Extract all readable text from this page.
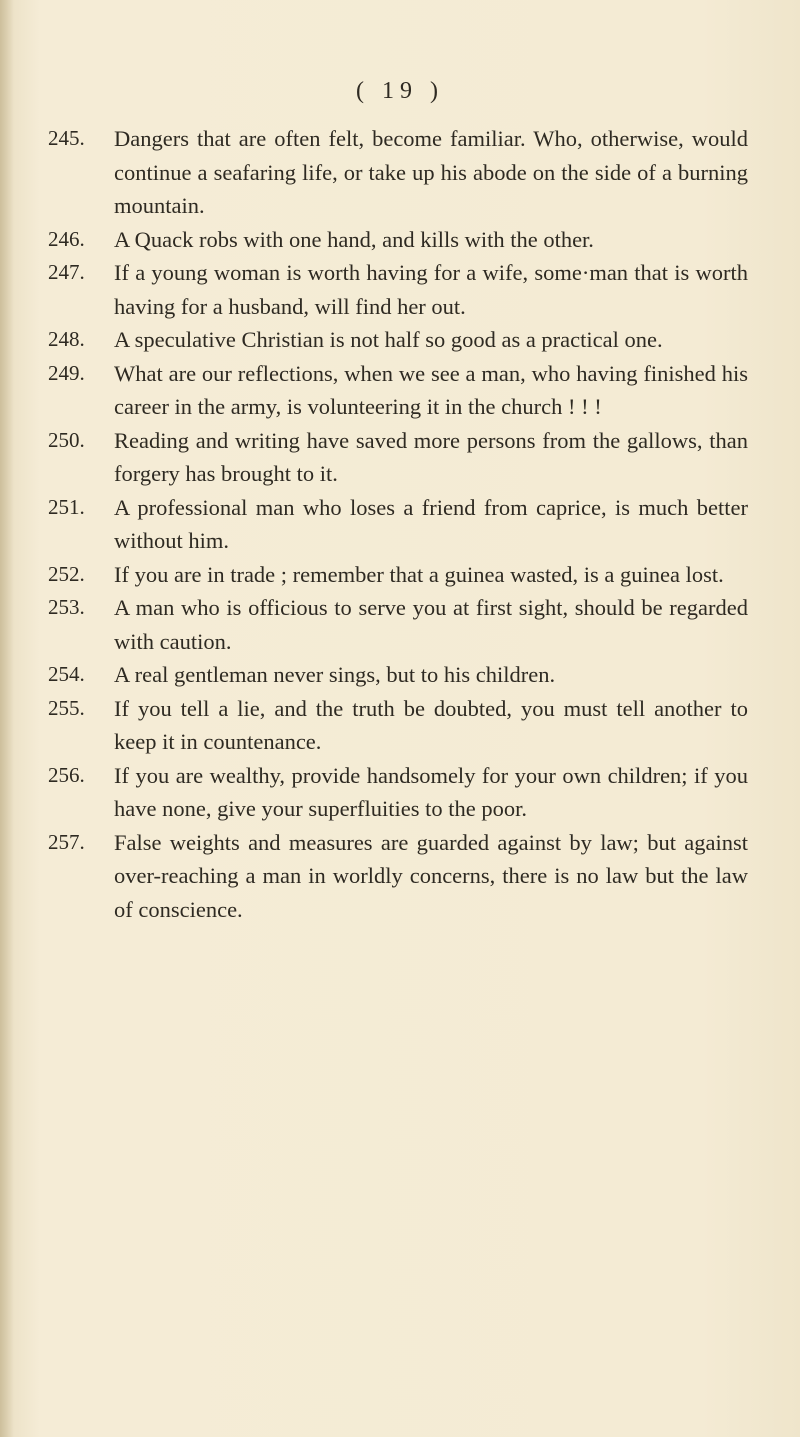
( 19 )
245.	Dangers that are often felt, become familiar. Who, otherwise, would continue a seafaring life, or take up his abode on the side of a burning mountain.
246.	A Quack robs with one hand, and kills with the other.
247.	If a young woman is worth having for a wife, some·man that is worth having for a husband, will find her out.
248.	A speculative Christian is not half so good as a practical one.
249.	What are our reflections, when we see a man, who having finished his career in the army, is volunteering it in the church ! ! !
250.	Reading and writing have saved more persons from the gallows, than forgery has brought to it.
251.	A professional man who loses a friend from caprice, is much better without him.
252.	If you are in trade ; remember that a guinea wasted, is a guinea lost.
253.	A man who is officious to serve you at first sight, should be regarded with caution.
254.	A real gentleman never sings, but to his children.
255.	If you tell a lie, and the truth be doubted, you must tell another to keep it in countenance.
256.	If you are wealthy, provide handsomely for your own children; if you have none, give your superfluities to the poor.
257.	False weights and measures are guarded against by law; but against over-reaching a man in worldly concerns, there is no law but the law of conscience.
